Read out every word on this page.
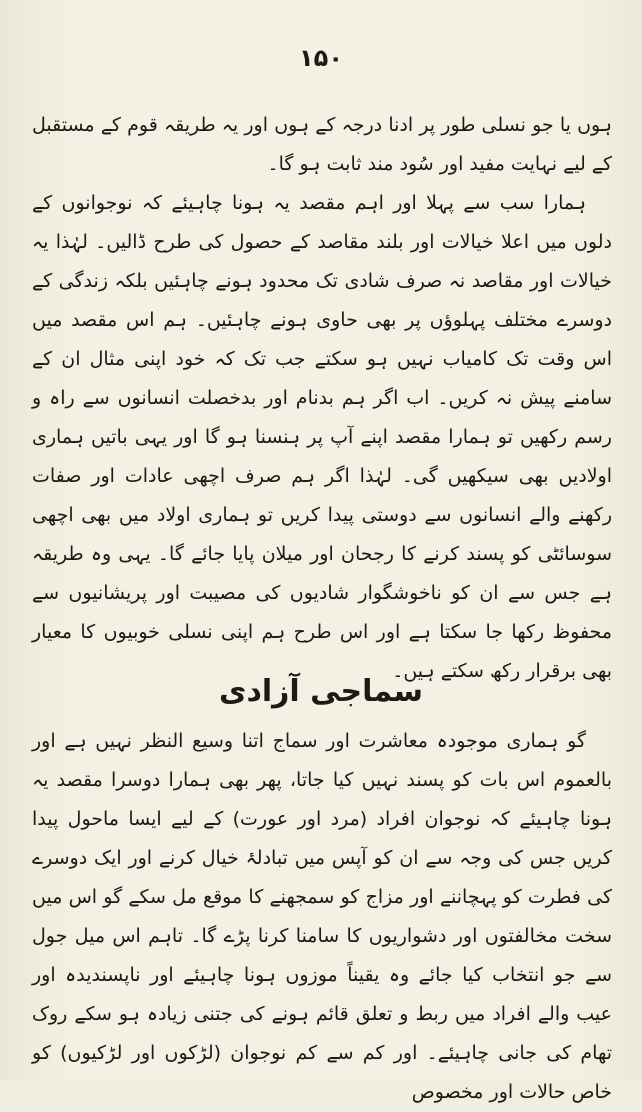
۱۵۰

ہوں یا جو نسلی طور پر ادنا درجہ کے ہوں اور یہ طریقہ قوم کے مستقبل کے لیے نہایت مفید اور سُود مند ثابت ہو گا۔

ہمارا سب سے پہلا اور اہم مقصد یہ ہونا چاہیئے کہ نوجوانوں کے دلوں میں اعلا خیالات اور بلند مقاصد کے حصول کی طرح ڈالیں۔ لہٰذا یہ خیالات اور مقاصد نہ صرف شادی تک محدود ہونے چاہئیں بلکہ زندگی کے دوسرے مختلف پہلوؤں پر بھی حاوی ہونے چاہئیں۔ ہم اس مقصد میں اس وقت تک کامیاب نہیں ہو سکتے جب تک کہ خود اپنی مثال ان کے سامنے پیش نہ کریں۔ اب اگر ہم بدنام اور بدخصلت انسانوں سے راہ و رسم رکھیں تو ہمارا مقصد اپنے آپ پر ہنسنا ہو گا اور یہی باتیں ہماری اولادیں بھی سیکھیں گی۔ لہٰذا اگر ہم صرف اچھی عادات اور صفات رکھنے والے انسانوں سے دوستی پیدا کریں تو ہماری اولاد میں بھی اچھی سوسائٹی کو پسند کرنے کا رجحان اور میلان پایا جائے گا۔ یہی وہ طریقہ ہے جس سے ان کو ناخوشگوار شادیوں کی مصیبت اور پریشانیوں سے محفوظ رکھا جا سکتا ہے اور اس طرح ہم اپنی نسلی خوبیوں کا معیار بھی برقرار رکھ سکتے ہیں۔

سماجی آزادی

گو ہماری موجودہ معاشرت اور سماج اتنا وسیع النظر نہیں ہے اور بالعموم اس بات کو پسند نہیں کیا جاتا، پھر بھی ہمارا دوسرا مقصد یہ ہونا چاہیئے کہ نوجوان افراد (مرد اور عورت) کے لیے ایسا ماحول پیدا کریں جس کی وجہ سے ان کو آپس میں تبادلۂ خیال کرنے اور ایک دوسرے کی فطرت کو پہچاننے اور مزاج کو سمجھنے کا موقع مل سکے گو اس میں سخت مخالفتوں اور دشواریوں کا سامنا کرنا پڑے گا۔ تاہم اس میل جول سے جو انتخاب کیا جائے وہ یقیناً موزوں ہونا چاہیئے اور ناپسندیدہ اور عیب والے افراد میں ربط و تعلق قائم ہونے کی جتنی زیادہ ہو سکے روک تھام کی جانی چاہیئے۔ اور کم سے کم نوجوان (لڑکوں اور لڑکیوں) کو خاص حالات اور مخصوص
